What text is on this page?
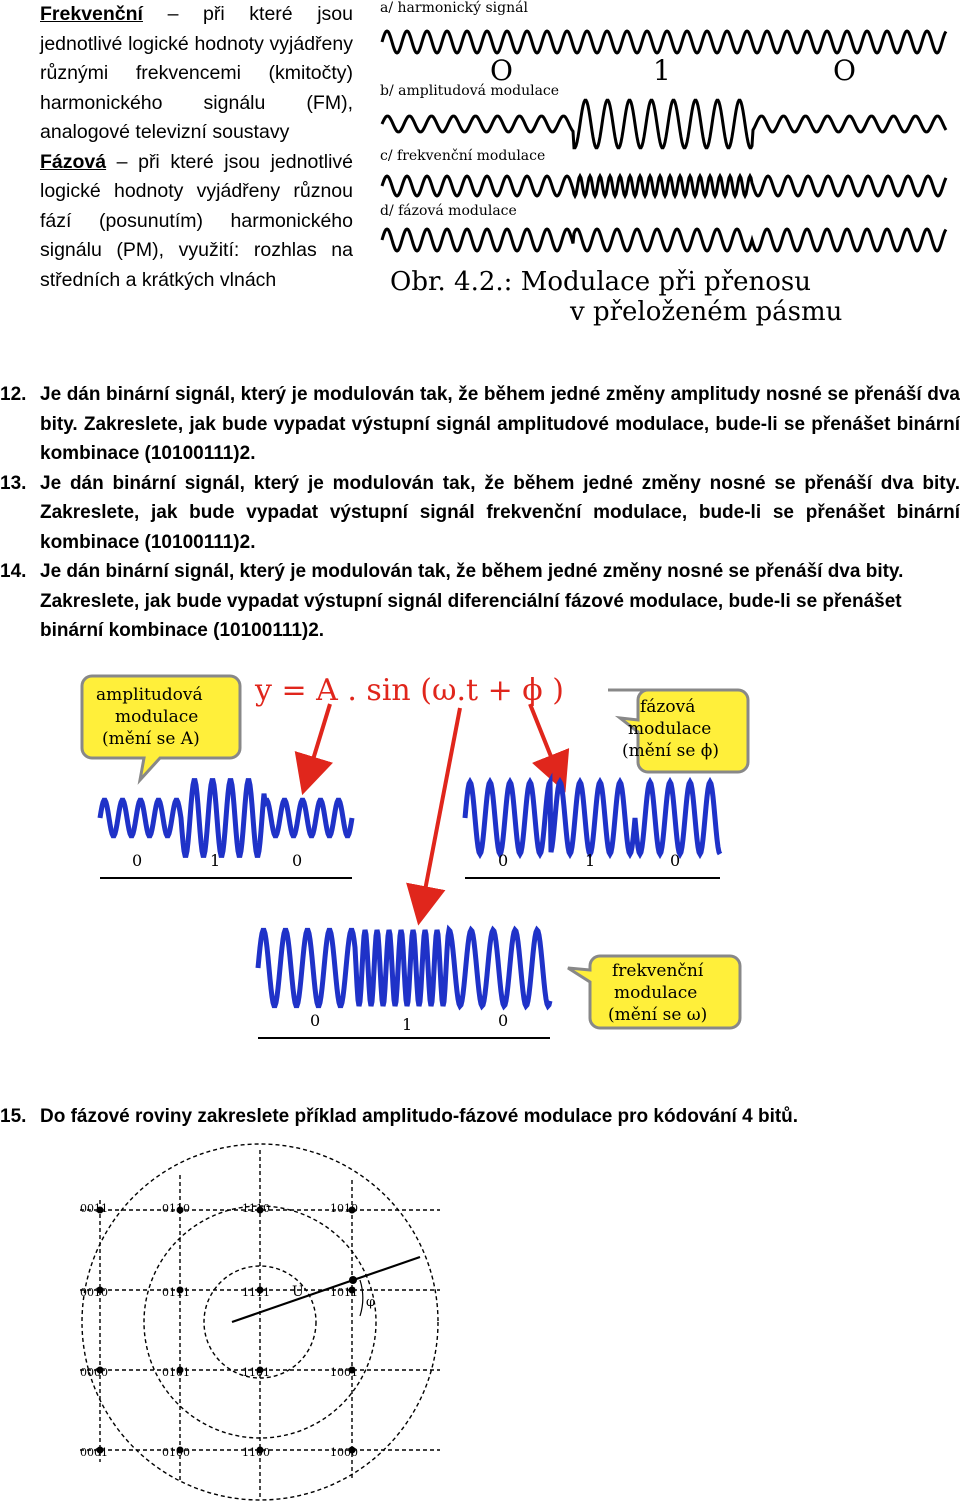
Frekvenční – při které jsou jednotlivé logické hodnoty vyjádřeny různými frekvencemi (kmitočty) harmonického signálu (FM), analogové televizní soustavy

Fázová – při které jsou jednotlivé logické hodnoty vyjádřeny různou fází (posunutím) harmonického signálu (PM), využití: rozhlas na středních a krátkých vlnách

a/ harmonický signál
O	1	O
b/ amplitudová modulace
c/ frekvenční modulace
d/ fázová modulace
Obr. 4.2.: Modulace při přenosu
v přeloženém pásmu
12. Je dán binární signál, který je modulován tak, že během jedné změny amplitudy nosné se přenáší dva bity. Zakreslete, jak bude vypadat výstupní signál amplitudové modulace, bude-li se přenášet binární kombinace (10100111)2.
13. Je dán binární signál, který je modulován tak, že během jedné změny nosné se přenáší dva bity. Zakreslete, jak bude vypadat výstupní signál frekvenční modulace, bude-li se přenášet binární kombinace (10100111)2.
14. Je dán binární signál, který je modulován tak, že během jedné změny nosné se přenáší dva bity. Zakreslete, jak bude vypadat výstupní signál diferenciální fázové modulace, bude-li se přenášet binární kombinace (10100111)2.
amplitudová
modulace
(mění se A)
y = A . sin (ω.t + ϕ )	fázová
modulace
(mění se ϕ)
0	1	0	0	1	0
0	1	0
frekvenční
modulace
(mění se ω)
15. Do fázové roviny zakreslete příklad amplitudo-fázové modulace pro kódování 4 bitů.
0011	0110	1110	1010
0010	0111	1111	1011
0000	0101	1101	1001
0001	0100	1100	1000
U
φ
